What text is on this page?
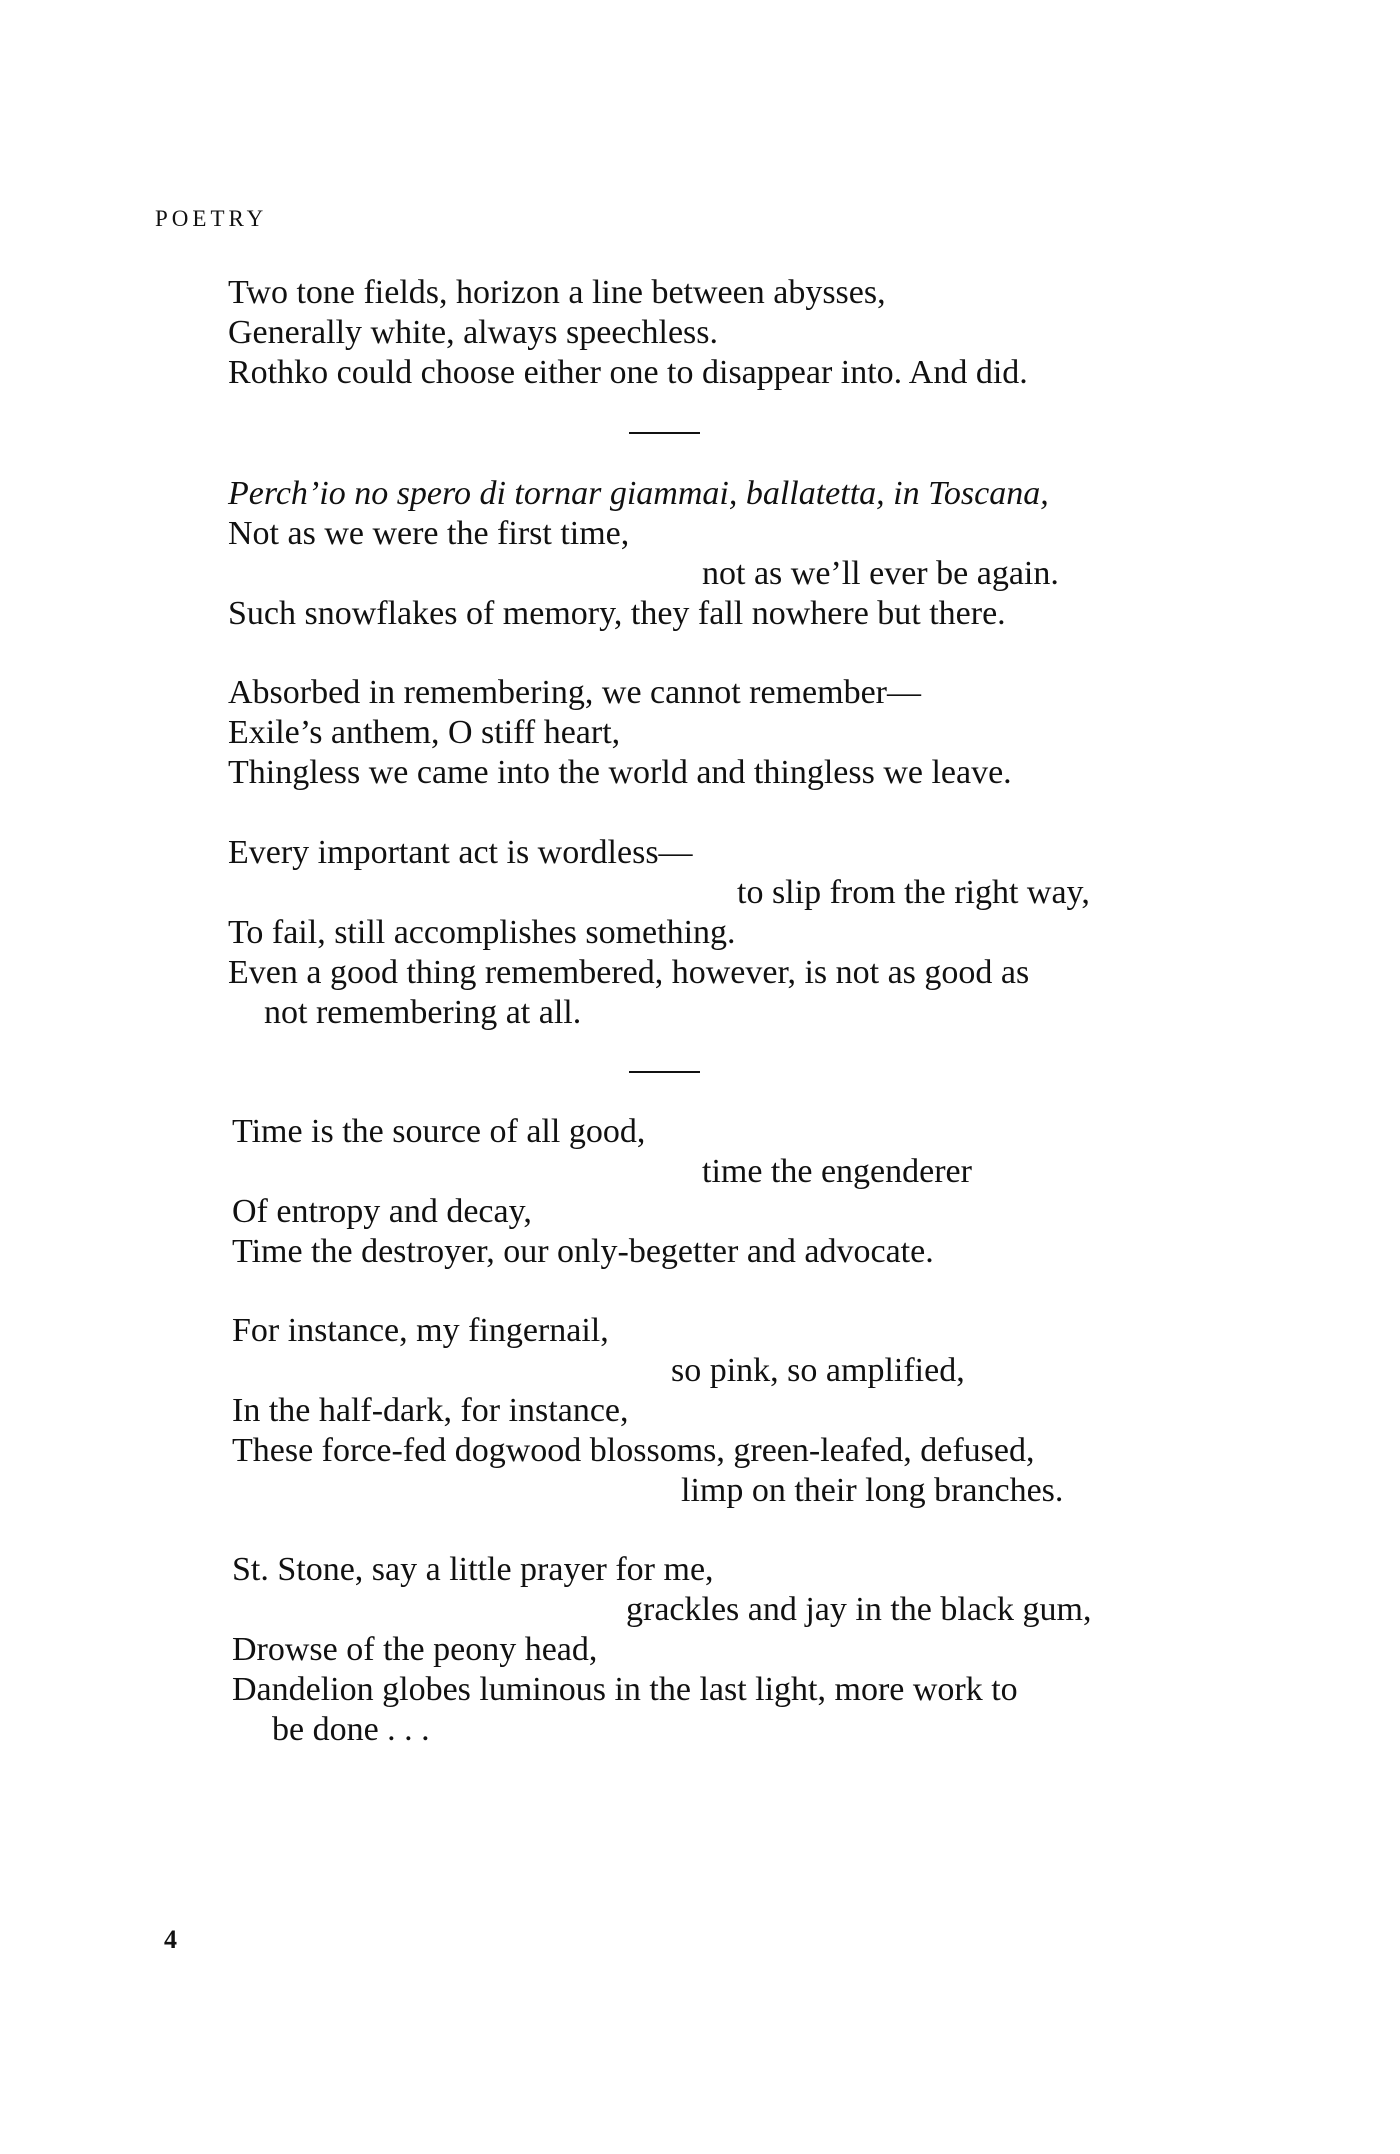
POETRY
Two tone fields, horizon a line between abysses,
Generally white, always speechless.
Rothko could choose either one to disappear into. And did.
Perch’io no spero di tornar giammai, ballatetta, in Toscana,
Not as we were the first time,
not as we’ll ever be again.
Such snowflakes of memory, they fall nowhere but there.
Absorbed in remembering, we cannot remember—
Exile’s anthem, O stiff heart,
Thingless we came into the world and thingless we leave.
Every important act is wordless—
to slip from the right way,
To fail, still accomplishes something.
Even a good thing remembered, however, is not as good as
not remembering at all.
Time is the source of all good,
time the engenderer
Of entropy and decay,
Time the destroyer, our only-begetter and advocate.
For instance, my fingernail,
so pink, so amplified,
In the half-dark, for instance,
These force-fed dogwood blossoms, green-leafed, defused,
limp on their long branches.
St. Stone, say a little prayer for me,
grackles and jay in the black gum,
Drowse of the peony head,
Dandelion globes luminous in the last light, more work to
be done . . .
4
